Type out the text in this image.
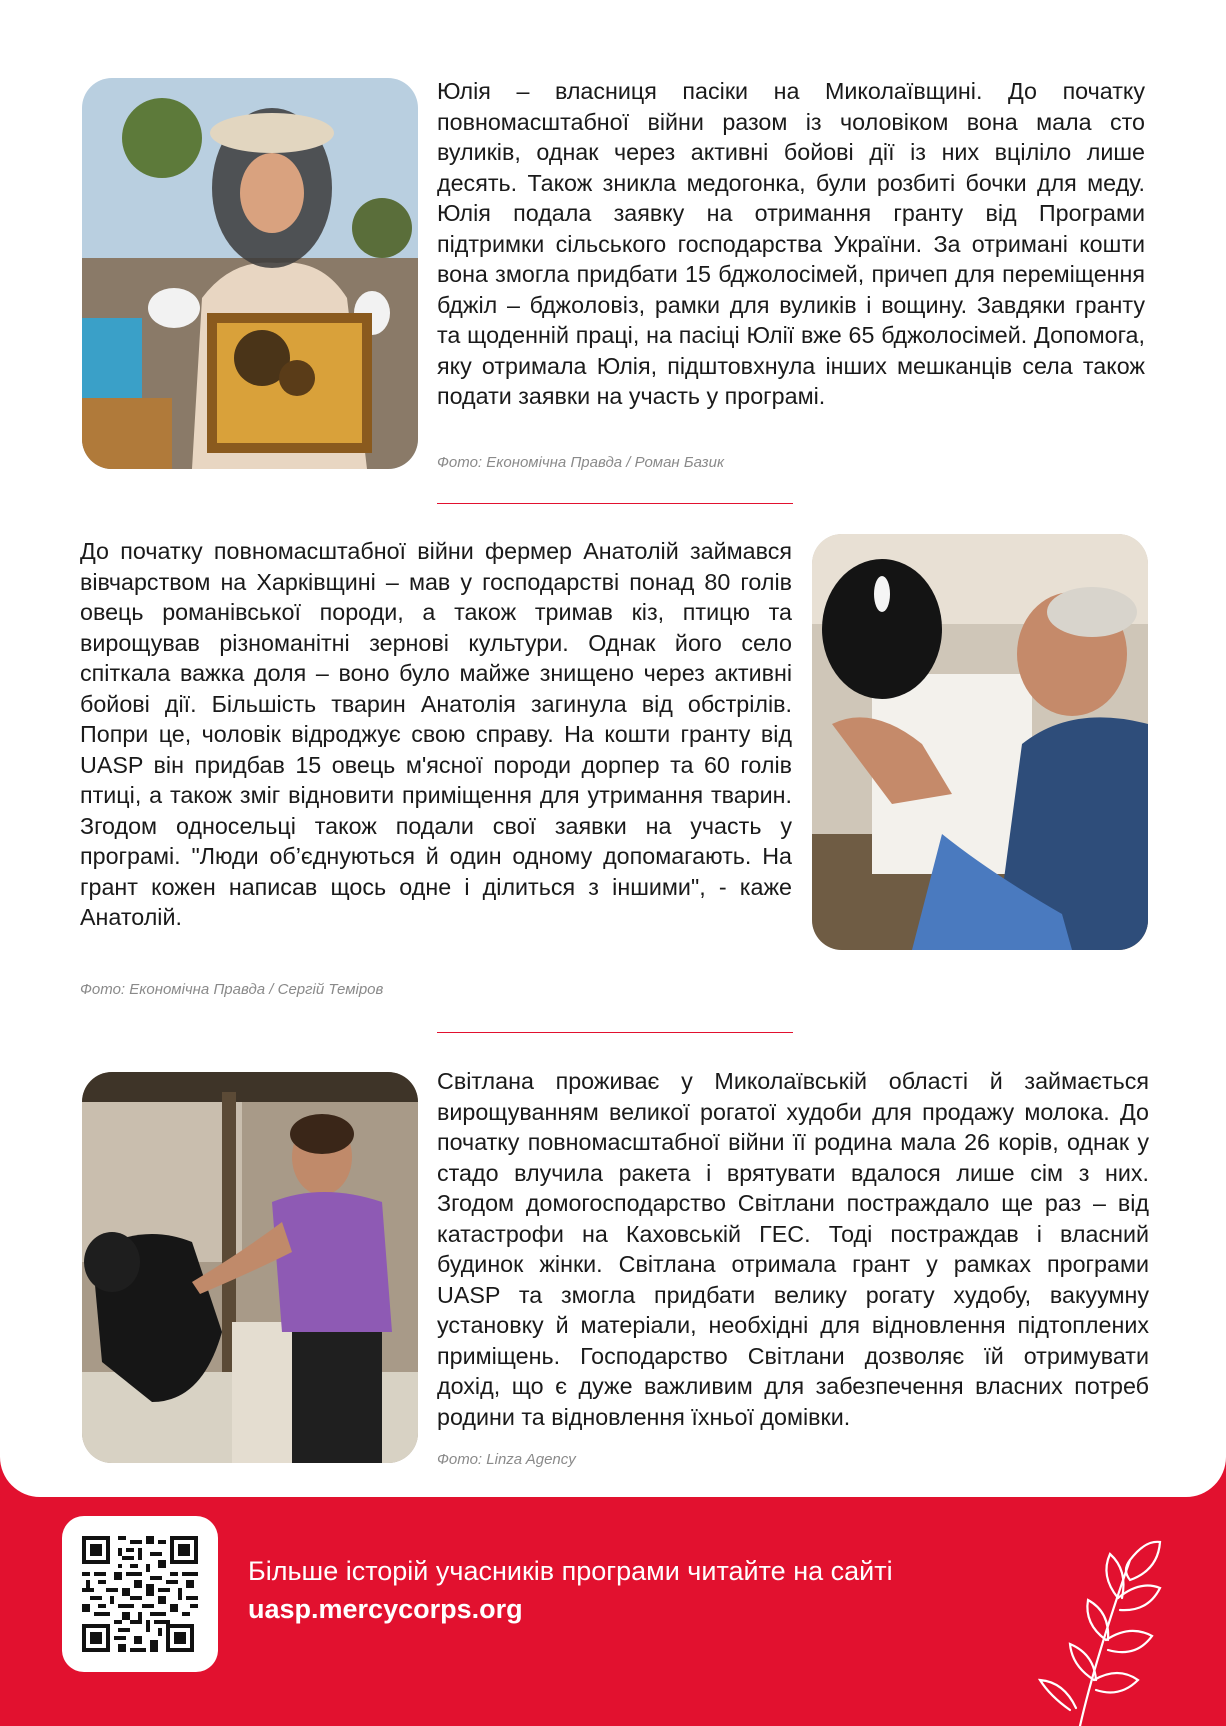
Юлія – власниця пасіки на Миколаївщині. До початку повномасштабної війни разом із чоловіком вона мала сто вуликів, однак через активні бойові дії із них вціліло лише десять. Також зникла медогонка, були розбиті бочки для меду. Юлія подала заявку на отримання гранту від Програми підтримки сільського господарства України. За отримані кошти вона змогла придбати 15 бджолосімей, причеп для переміщення бджіл – бджоловіз, рамки для вуликів і вощину. Завдяки гранту та щоденній праці, на пасіці Юлії вже 65 бджолосімей. Допомога, яку отримала Юлія, підштовхнула інших мешканців села також подати заявки на участь у програмі.

Фото: Економічна Правда / Роман Базик

До початку повномасштабної війни фермер Анатолій займався вівчарством на Харківщині – мав у господарстві понад 80 голів овець романівської породи, а також тримав кіз, птицю та вирощував різноманітні зернові культури. Однак його село спіткала важка доля – воно було майже знищено через активні бойові дії. Більшість тварин Анатолія загинула від обстрілів. Попри це, чоловік відроджує свою справу. На кошти гранту від UASP він придбав 15 овець м'ясної породи дорпер та 60 голів птиці, а також зміг відновити приміщення для утримання тварин. Згодом односельці також подали свої заявки на участь у програмі. "Люди об’єднуються й один одному допомагають. На грант кожен написав щось одне і ділиться з іншими", - каже Анатолій.

Фото: Економічна Правда / Сергій Теміров

Світлана проживає у Миколаївській області й займається вирощуванням великої рогатої худоби для продажу молока. До початку повномасштабної війни її родина мала 26 корів, однак у стадо влучила ракета і врятувати вдалося лише сім з них. Згодом домогосподарство Світлани постраждало ще раз – від катастрофи на Каховській ГЕС. Тоді постраждав і власний будинок жінки. Світлана отримала грант у рамках програми UASP та змогла придбати велику рогату худобу, вакуумну установку й матеріали, необхідні для відновлення підтоплених приміщень. Господарство Світлани дозволяє їй отримувати дохід, що є дуже важливим для забезпечення власних потреб родини та відновлення їхньої домівки.

Фото: Linza Agency

Більше історій учасників програми читайте на сайті
uasp.mercycorps.org
